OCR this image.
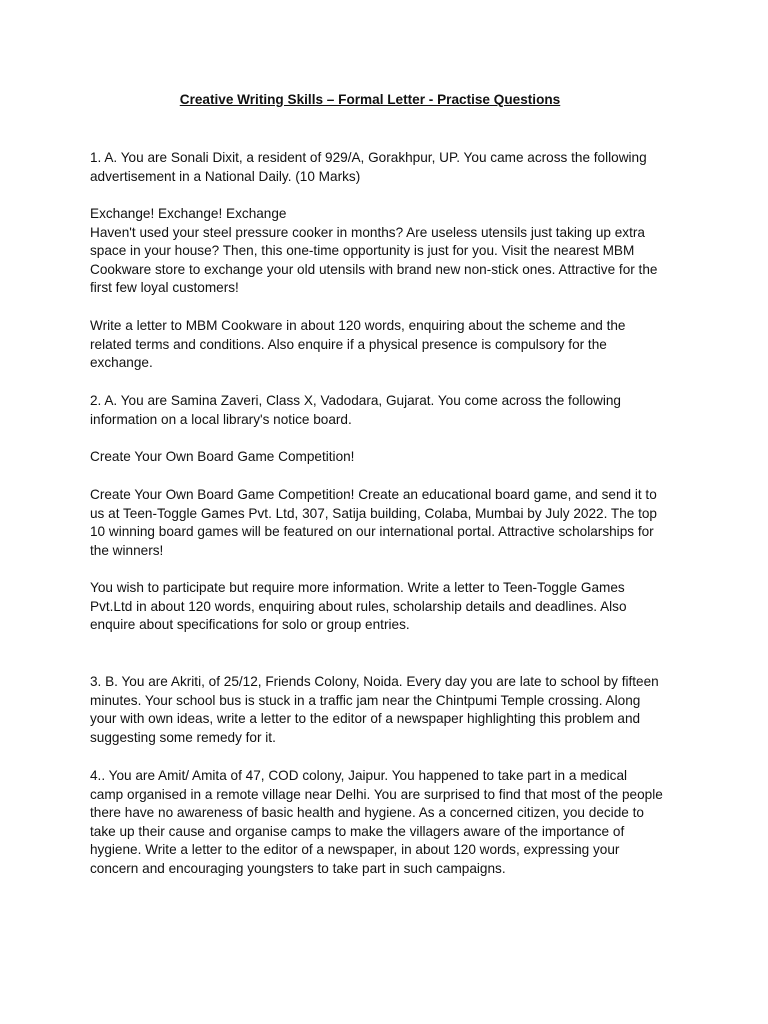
Creative Writing Skills – Formal Letter - Practise Questions
1. A. You are Sonali Dixit, a resident of 929/A, Gorakhpur, UP. You came across the following
advertisement in a National Daily. (10 Marks)
Exchange! Exchange! Exchange
Haven't used your steel pressure cooker in months? Are useless utensils just taking up extra
space in your house? Then, this one-time opportunity is just for you. Visit the nearest MBM
Cookware store to exchange your old utensils with brand new non-stick ones. Attractive for the
first few loyal customers!
Write a letter to MBM Cookware in about 120 words, enquiring about the scheme and the
related terms and conditions. Also enquire if a physical presence is compulsory for the
exchange.
2. A. You are Samina Zaveri, Class X, Vadodara, Gujarat. You come across the following
information on a local library's notice board.
Create Your Own Board Game Competition!
Create Your Own Board Game Competition! Create an educational board game, and send it to
us at Teen-Toggle Games Pvt. Ltd, 307, Satija building, Colaba, Mumbai by July 2022. The top
10 winning board games will be featured on our international portal. Attractive scholarships for
the winners!
You wish to participate but require more information. Write a letter to Teen-Toggle Games
Pvt.Ltd in about 120 words, enquiring about rules, scholarship details and deadlines. Also
enquire about specifications for solo or group entries.
3. B. You are Akriti, of 25/12, Friends Colony, Noida. Every day you are late to school by fifteen
minutes. Your school bus is stuck in a traffic jam near the Chintpumi Temple crossing. Along
your with own ideas, write a letter to the editor of a newspaper highlighting this problem and
suggesting some remedy for it.
4.. You are Amit/ Amita of 47, COD colony, Jaipur. You happened to take part in a medical
camp organised in a remote village near Delhi. You are surprised to find that most of the people
there have no awareness of basic health and hygiene. As a concerned citizen, you decide to
take up their cause and organise camps to make the villagers aware of the importance of
hygiene. Write a letter to the editor of a newspaper, in about 120 words, expressing your
concern and encouraging youngsters to take part in such campaigns.
